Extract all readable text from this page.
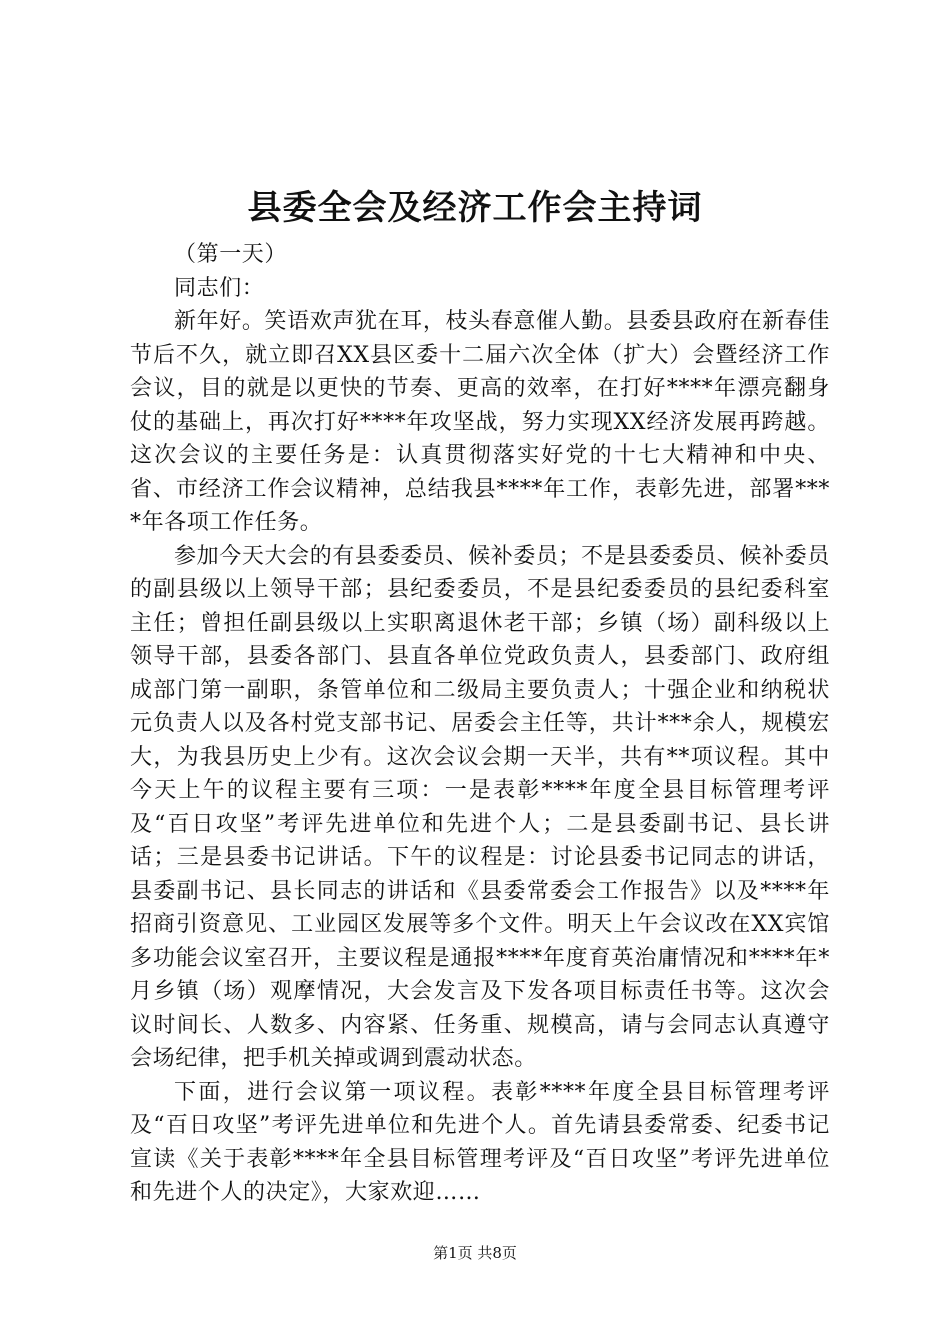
县委全会及经济工作会主持词

（第一天）

同志们：

新年好。笑语欢声犹在耳，枝头春意催人勤。县委县政府在新春佳节后不久，就立即召XX县区委十二届六次全体（扩大）会暨经济工作会议，目的就是以更快的节奏、更高的效率，在打好****年漂亮翻身仗的基础上，再次打好****年攻坚战，努力实现XX经济发展再跨越。这次会议的主要任务是：认真贯彻落实好党的十七大精神和中央、省、市经济工作会议精神，总结我县****年工作，表彰先进，部署****年各项工作任务。

参加今天大会的有县委委员、候补委员；不是县委委员、候补委员的副县级以上领导干部；县纪委委员，不是县纪委委员的县纪委科室主任；曾担任副县级以上实职离退休老干部；乡镇（场）副科级以上领导干部，县委各部门、县直各单位党政负责人，县委部门、政府组成部门第一副职，条管单位和二级局主要负责人；十强企业和纳税状元负责人以及各村党支部书记、居委会主任等，共计***余人，规模宏大，为我县历史上少有。这次会议会期一天半，共有**项议程。其中今天上午的议程主要有三项：一是表彰****年度全县目标管理考评及“百日攻坚”考评先进单位和先进个人；二是县委副书记、县长讲话；三是县委书记讲话。下午的议程是：讨论县委书记同志的讲话，县委副书记、县长同志的讲话和《县委常委会工作报告》以及****年招商引资意见、工业园区发展等多个文件。明天上午会议改在XX宾馆多功能会议室召开，主要议程是通报****年度育英治庸情况和****年*月乡镇（场）观摩情况，大会发言及下发各项目标责任书等。这次会议时间长、人数多、内容紧、任务重、规模高，请与会同志认真遵守会场纪律，把手机关掉或调到震动状态。

下面，进行会议第一项议程。表彰****年度全县目标管理考评及“百日攻坚”考评先进单位和先进个人。首先请县委常委、纪委书记宣读《关于表彰****年全县目标管理考评及“百日攻坚”考评先进单位和先进个人的决定》，大家欢迎……

第1页 共8页
